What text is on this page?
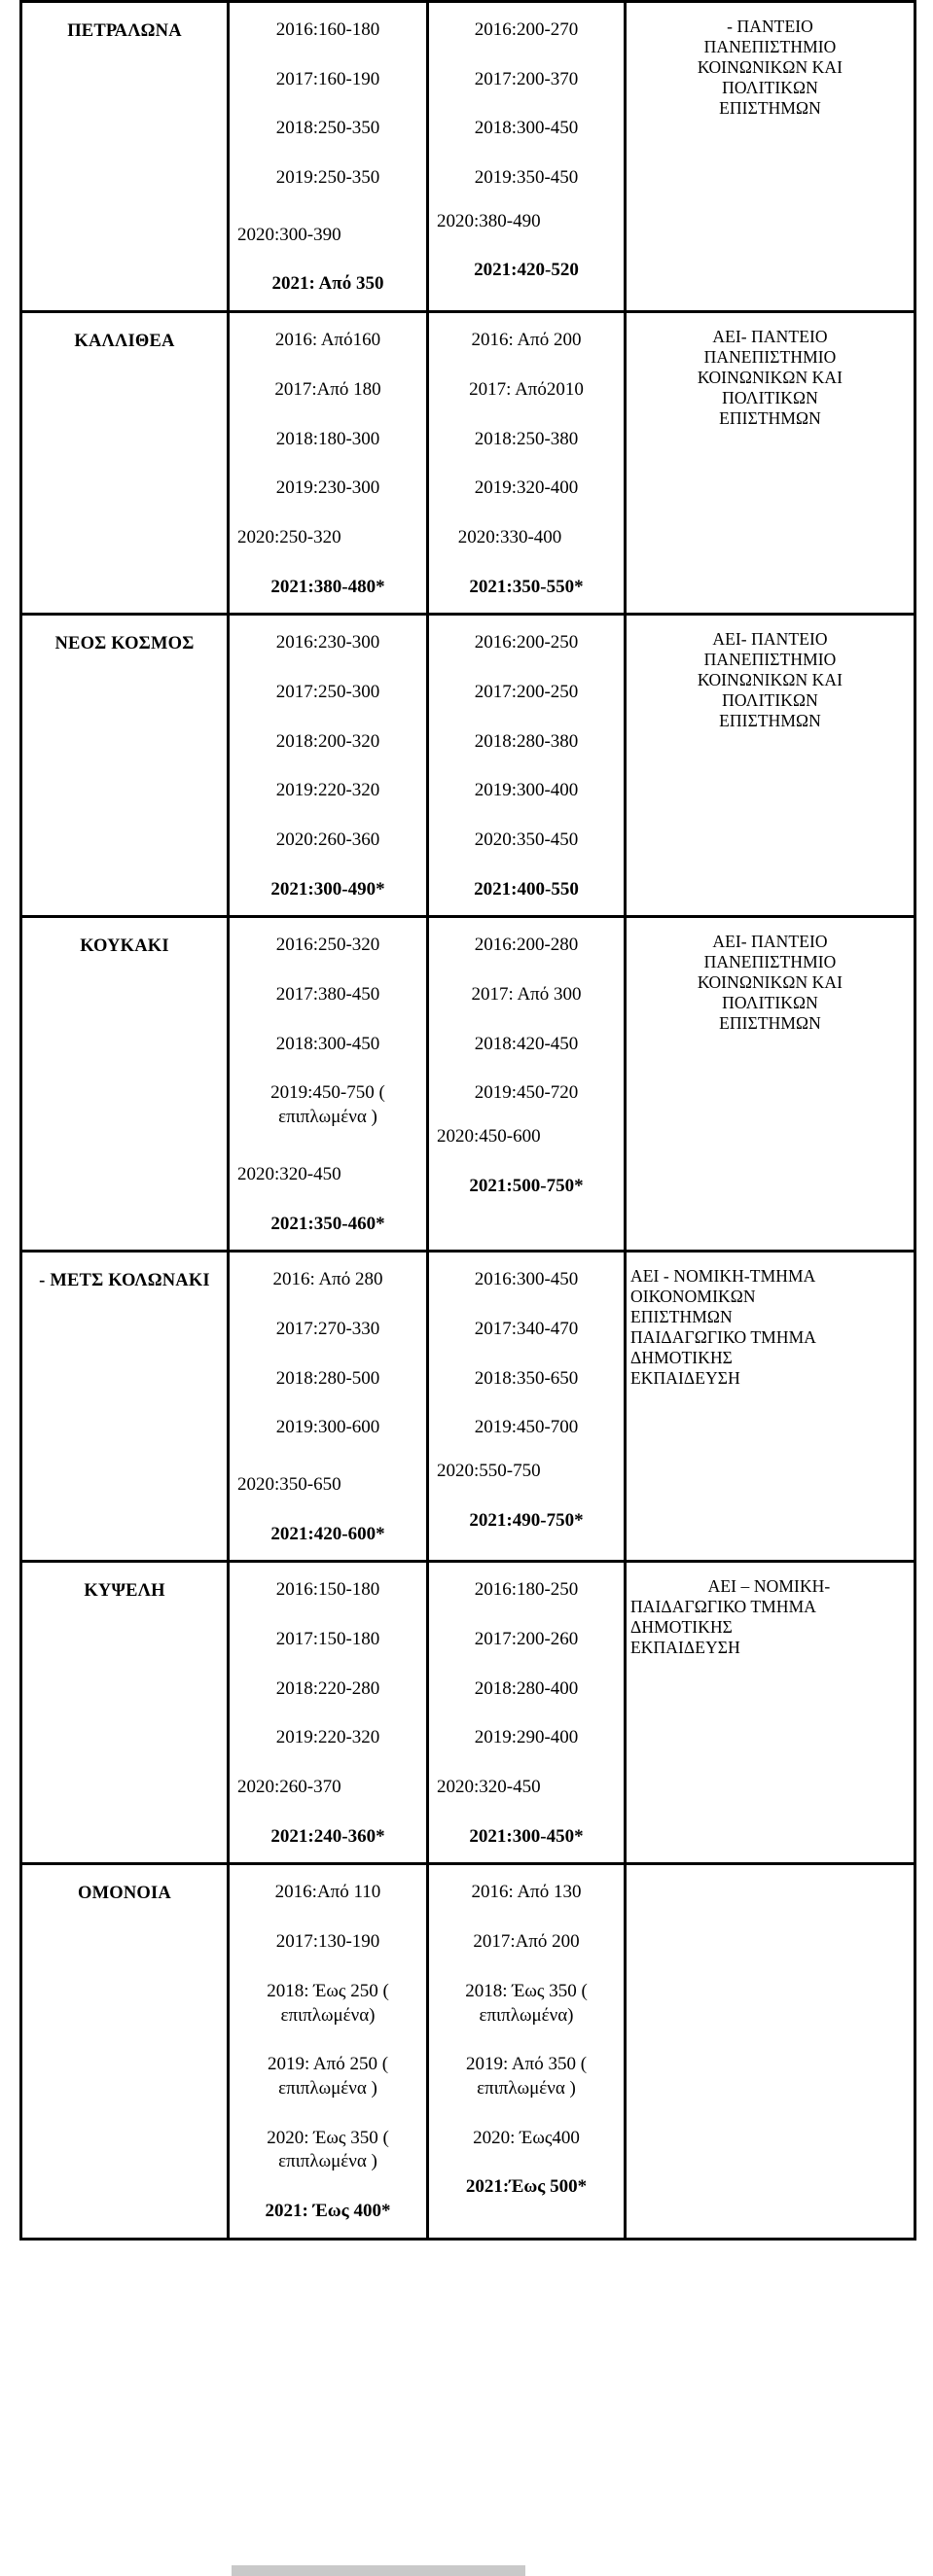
ΠΕΤΡΑΛΩΝΑ	2016:160-180
2017:160-190
2018:250-350
2019:250-350
2020:300-390
2021: Από 350

2016:200-270
2017:200-370
2018:300-450
2019:350-450
2020:380-490
2021:420-520

- ΠΑΝΤΕΙΟ
ΠΑΝΕΠΙΣΤΗΜΙΟ
ΚΟΙΝΩΝΙΚΩΝ ΚΑΙ
ΠΟΛΙΤΙΚΩΝ
ΕΠΙΣΤΗΜΩΝ

ΚΑΛΛΙΘΕΑ	2016: Από160
2017:Από 180
2018:180-300
2019:230-300
2020:250-320
2021:380-480*

2016: Από 200
2017: Από2010
2018:250-380
2019:320-400
2020:330-400
2021:350-550*

ΑΕΙ- ΠΑΝΤΕΙΟ
ΠΑΝΕΠΙΣΤΗΜΙΟ
ΚΟΙΝΩΝΙΚΩΝ ΚΑΙ
ΠΟΛΙΤΙΚΩΝ
ΕΠΙΣΤΗΜΩΝ

ΝΕΟΣ ΚΟΣΜΟΣ	2016:230-300
2017:250-300
2018:200-320
2019:220-320
2020:260-360
2021:300-490*

2016:200-250
2017:200-250
2018:280-380
2019:300-400
2020:350-450
2021:400-550

ΑΕΙ- ΠΑΝΤΕΙΟ
ΠΑΝΕΠΙΣΤΗΜΙΟ
ΚΟΙΝΩΝΙΚΩΝ ΚΑΙ
ΠΟΛΙΤΙΚΩΝ
ΕΠΙΣΤΗΜΩΝ

ΚΟΥΚΑΚΙ	2016:250-320
2017:380-450
2018:300-450
2019:450-750 ( επιπλωμένα )
2020:320-450
2021:350-460*

2016:200-280
2017: Από 300
2018:420-450
2019:450-720
2020:450-600
2021:500-750*

ΑΕΙ- ΠΑΝΤΕΙΟ
ΠΑΝΕΠΙΣΤΗΜΙΟ
ΚΟΙΝΩΝΙΚΩΝ ΚΑΙ
ΠΟΛΙΤΙΚΩΝ
ΕΠΙΣΤΗΜΩΝ

- ΜΕΤΣ ΚΟΛΩΝΑΚΙ	2016: Από 280
2017:270-330
2018:280-500
2019:300-600
2020:350-650
2021:420-600*

2016:300-450
2017:340-470
2018:350-650
2019:450-700
2020:550-750
2021:490-750*

ΑΕΙ - ΝΟΜΙΚΗ-ΤΜΗΜΑ
ΟΙΚΟΝΟΜΙΚΩΝ
ΕΠΙΣΤΗΜΩΝ
ΠΑΙΔΑΓΩΓΙΚΟ ΤΜΗΜΑ
ΔΗΜΟΤΙΚΗΣ
ΕΚΠΑΙΔΕΥΣΗ

ΚΥΨΕΛΗ	2016:150-180
2017:150-180
2018:220-280
2019:220-320
2020:260-370
2021:240-360*

2016:180-250
2017:200-260
2018:280-400
2019:290-400
2020:320-450
2021:300-450*

ΑΕΙ – ΝΟΜΙΚΗ-
ΠΑΙΔΑΓΩΓΙΚΟ ΤΜΗΜΑ
ΔΗΜΟΤΙΚΗΣ
ΕΚΠΑΙΔΕΥΣΗ

ΟΜΟΝΟΙΑ	2016:Από 110
2017:130-190
2018: Έως 250 ( επιπλωμένα)
2019: Από 250 ( επιπλωμένα )
2020: Έως 350 ( επιπλωμένα )
2021: Έως 400*

2016: Από 130
2017:Από 200
2018: Έως 350 ( επιπλωμένα)
2019: Από 350 ( επιπλωμένα )
2020: Έως400
2021:Έως 500*
